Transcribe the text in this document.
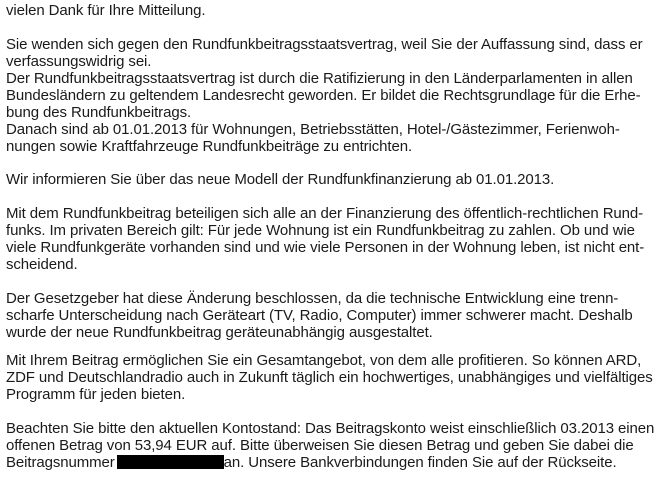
vielen Dank für Ihre Mitteilung.
Sie wenden sich gegen den Rundfunkbeitragsstaatsvertrag, weil Sie der Auffassung sind, dass er
verfassungswidrig sei.
Der Rundfunkbeitragsstaatsvertrag ist durch die Ratifizierung in den Länderparlamenten in allen
Bundesländern zu geltendem Landesrecht geworden. Er bildet die Rechtsgrundlage für die Erhe-
bung des Rundfunkbeitrags.
Danach sind ab 01.01.2013 für Wohnungen, Betriebsstätten, Hotel-/Gästezimmer, Ferienwoh-
nungen sowie Kraftfahrzeuge Rundfunkbeiträge zu entrichten.
Wir informieren Sie über das neue Modell der Rundfunkfinanzierung ab 01.01.2013.
Mit dem Rundfunkbeitrag beteiligen sich alle an der Finanzierung des öffentlich-rechtlichen Rund-
funks. Im privaten Bereich gilt: Für jede Wohnung ist ein Rundfunkbeitrag zu zahlen. Ob und wie
viele Rundfunkgeräte vorhanden sind und wie viele Personen in der Wohnung leben, ist nicht ent-
scheidend.
Der Gesetzgeber hat diese Änderung beschlossen, da die technische Entwicklung eine trenn-
scharfe Unterscheidung nach Geräteart (TV, Radio, Computer) immer schwerer macht. Deshalb
wurde der neue Rundfunkbeitrag geräteunabhängig ausgestaltet.
Mit Ihrem Beitrag ermöglichen Sie ein Gesamtangebot, von dem alle profitieren. So können ARD,
ZDF und Deutschlandradio auch in Zukunft täglich ein hochwertiges, unabhängiges und vielfältiges
Programm für jeden bieten.
Beachten Sie bitte den aktuellen Kontostand: Das Beitragskonto weist einschließlich 03.2013 einen
offenen Betrag von 53,94 EUR auf. Bitte überweisen Sie diesen Betrag und geben Sie dabei die
Beitragsnummer	an. Unsere Bankverbindungen finden Sie auf der Rückseite.
